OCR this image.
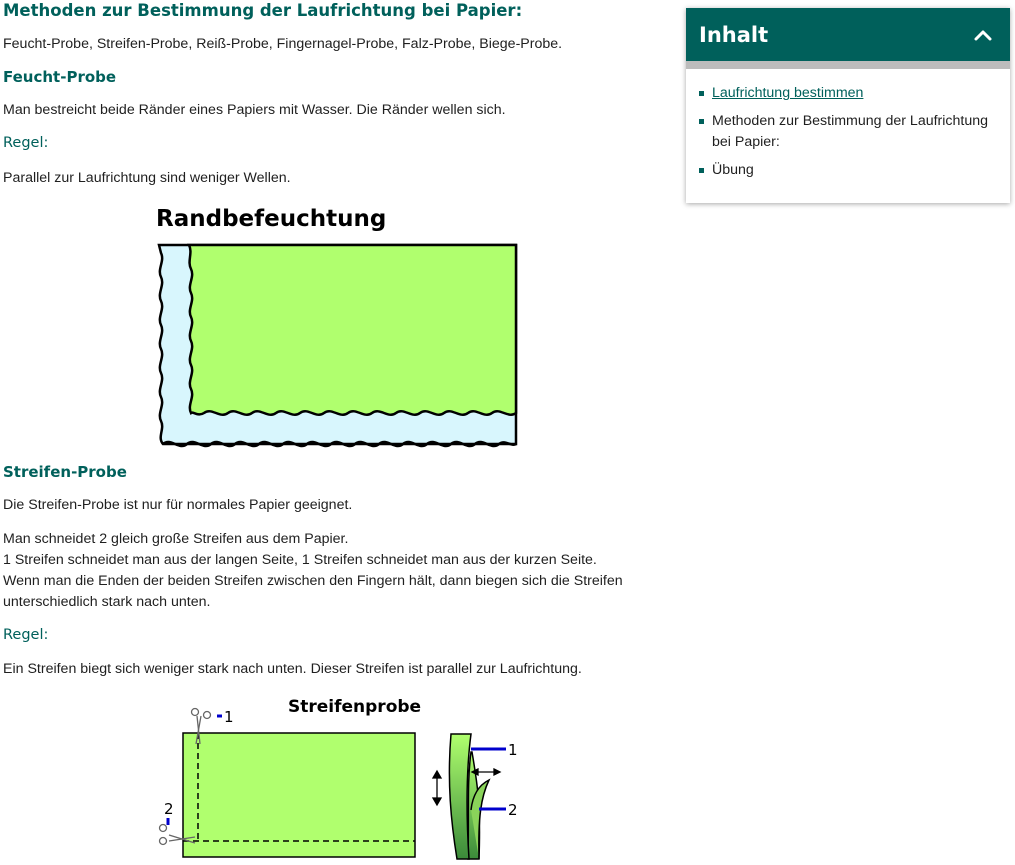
Methoden zur Bestimmung der Laufrichtung bei Papier:

Feucht-Probe, Streifen-Probe, Reiß-Probe, Fingernagel-Probe, Falz-Probe, Biege-Probe.

Feucht-Probe

Man bestreicht beide Ränder eines Papiers mit Wasser. Die Ränder wellen sich.

Regel:

Parallel zur Laufrichtung sind weniger Wellen.

Randbefeuchtung
Streifen-Probe

Die Streifen-Probe ist nur für normales Papier geeignet.

Man schneidet 2 gleich große Streifen aus dem Papier.

1 Streifen schneidet man aus der langen Seite, 1 Streifen schneidet man aus der kurzen Seite.

Wenn man die Enden der beiden Streifen zwischen den Fingern hält, dann biegen sich die Streifen

unterschiedlich stark nach unten.

Regel:

Ein Streifen biegt sich weniger stark nach unten. Dieser Streifen ist parallel zur Laufrichtung.

Streifenprobe
1
2
1
2
Inhalt
Laufrichtung bestimmen
Methoden zur Bestimmung der Laufrichtung bei Papier:
Übung
